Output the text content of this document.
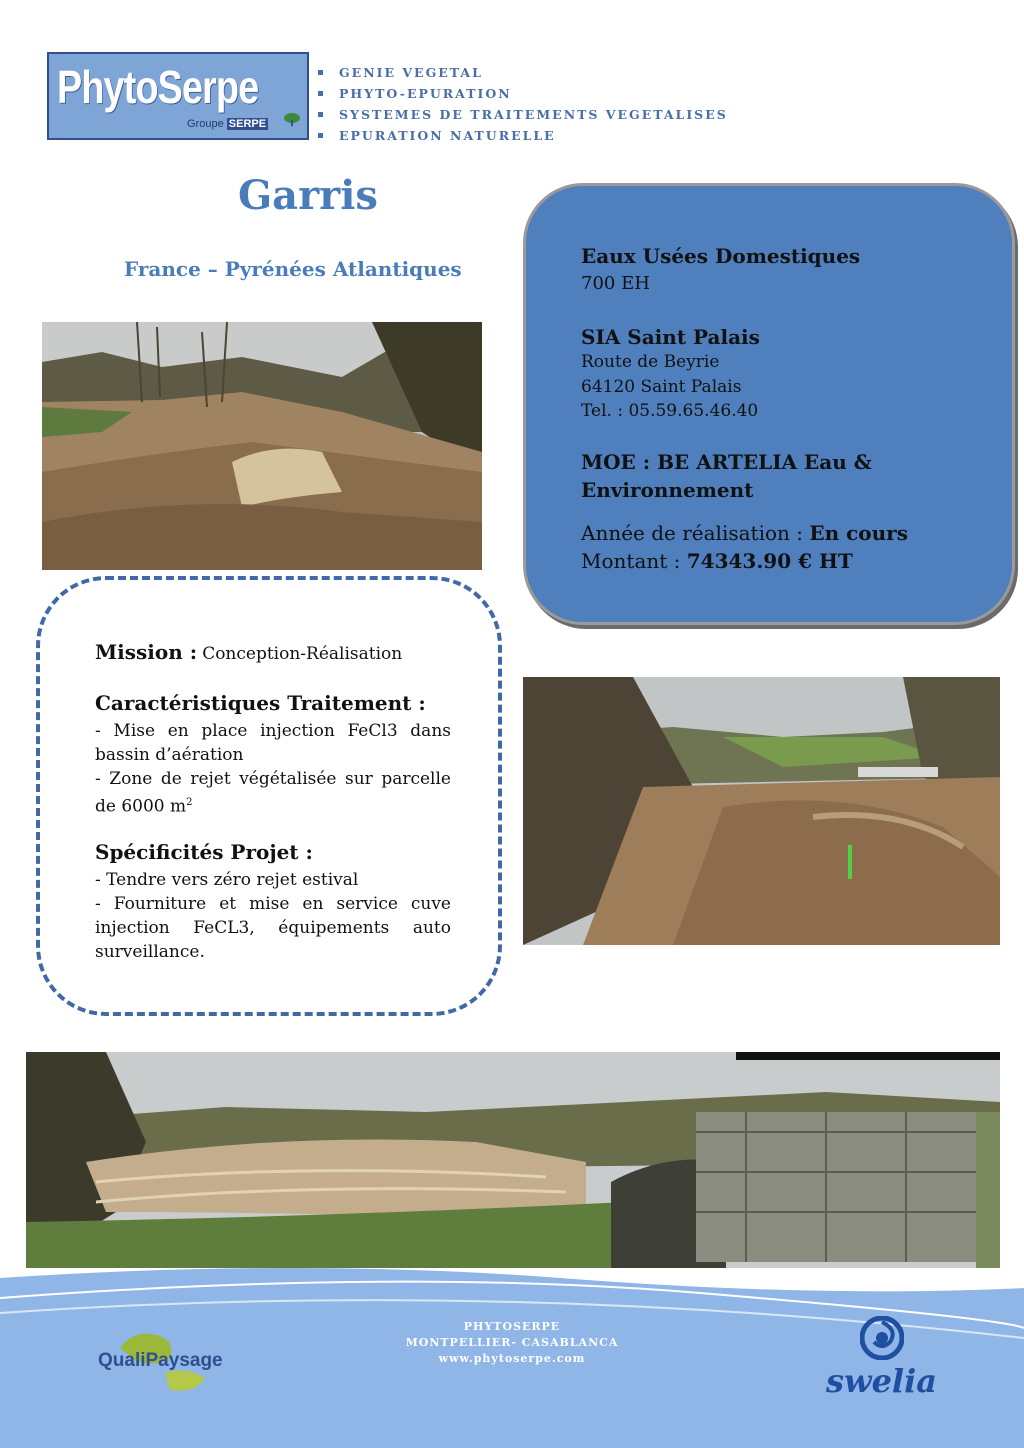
PhytoSerpe
Groupe SERPE
GENIE VEGETAL
PHYTO-EPURATION
SYSTEMES DE TRAITEMENTS VEGETALISES
EPURATION NATURELLE
Garris
France – Pyrénées Atlantiques
Eaux Usées Domestiques
700 EH
SIA Saint Palais
Route de Beyrie
64120 Saint Palais
Tel. : 05.59.65.46.40
MOE : BE ARTELIA Eau &
Environnement
Année de réalisation : En cours
Montant : 74343.90 € HT
Mission : Conception-Réalisation
Caractéristiques Traitement :
- Mise en place injection FeCl3 dans bassin d’aération
- Zone de rejet végétalisée sur parcelle de 6000 $m^2$
Spécificités Projet :
- Tendre vers zéro rejet estival
- Fourniture et mise en service cuve injection FeCL3, équipements auto surveillance.
PHYTOSERPE
MONTPELLIER- CASABLANCA
www.phytoserpe.com
QualiPaysage
swelia
